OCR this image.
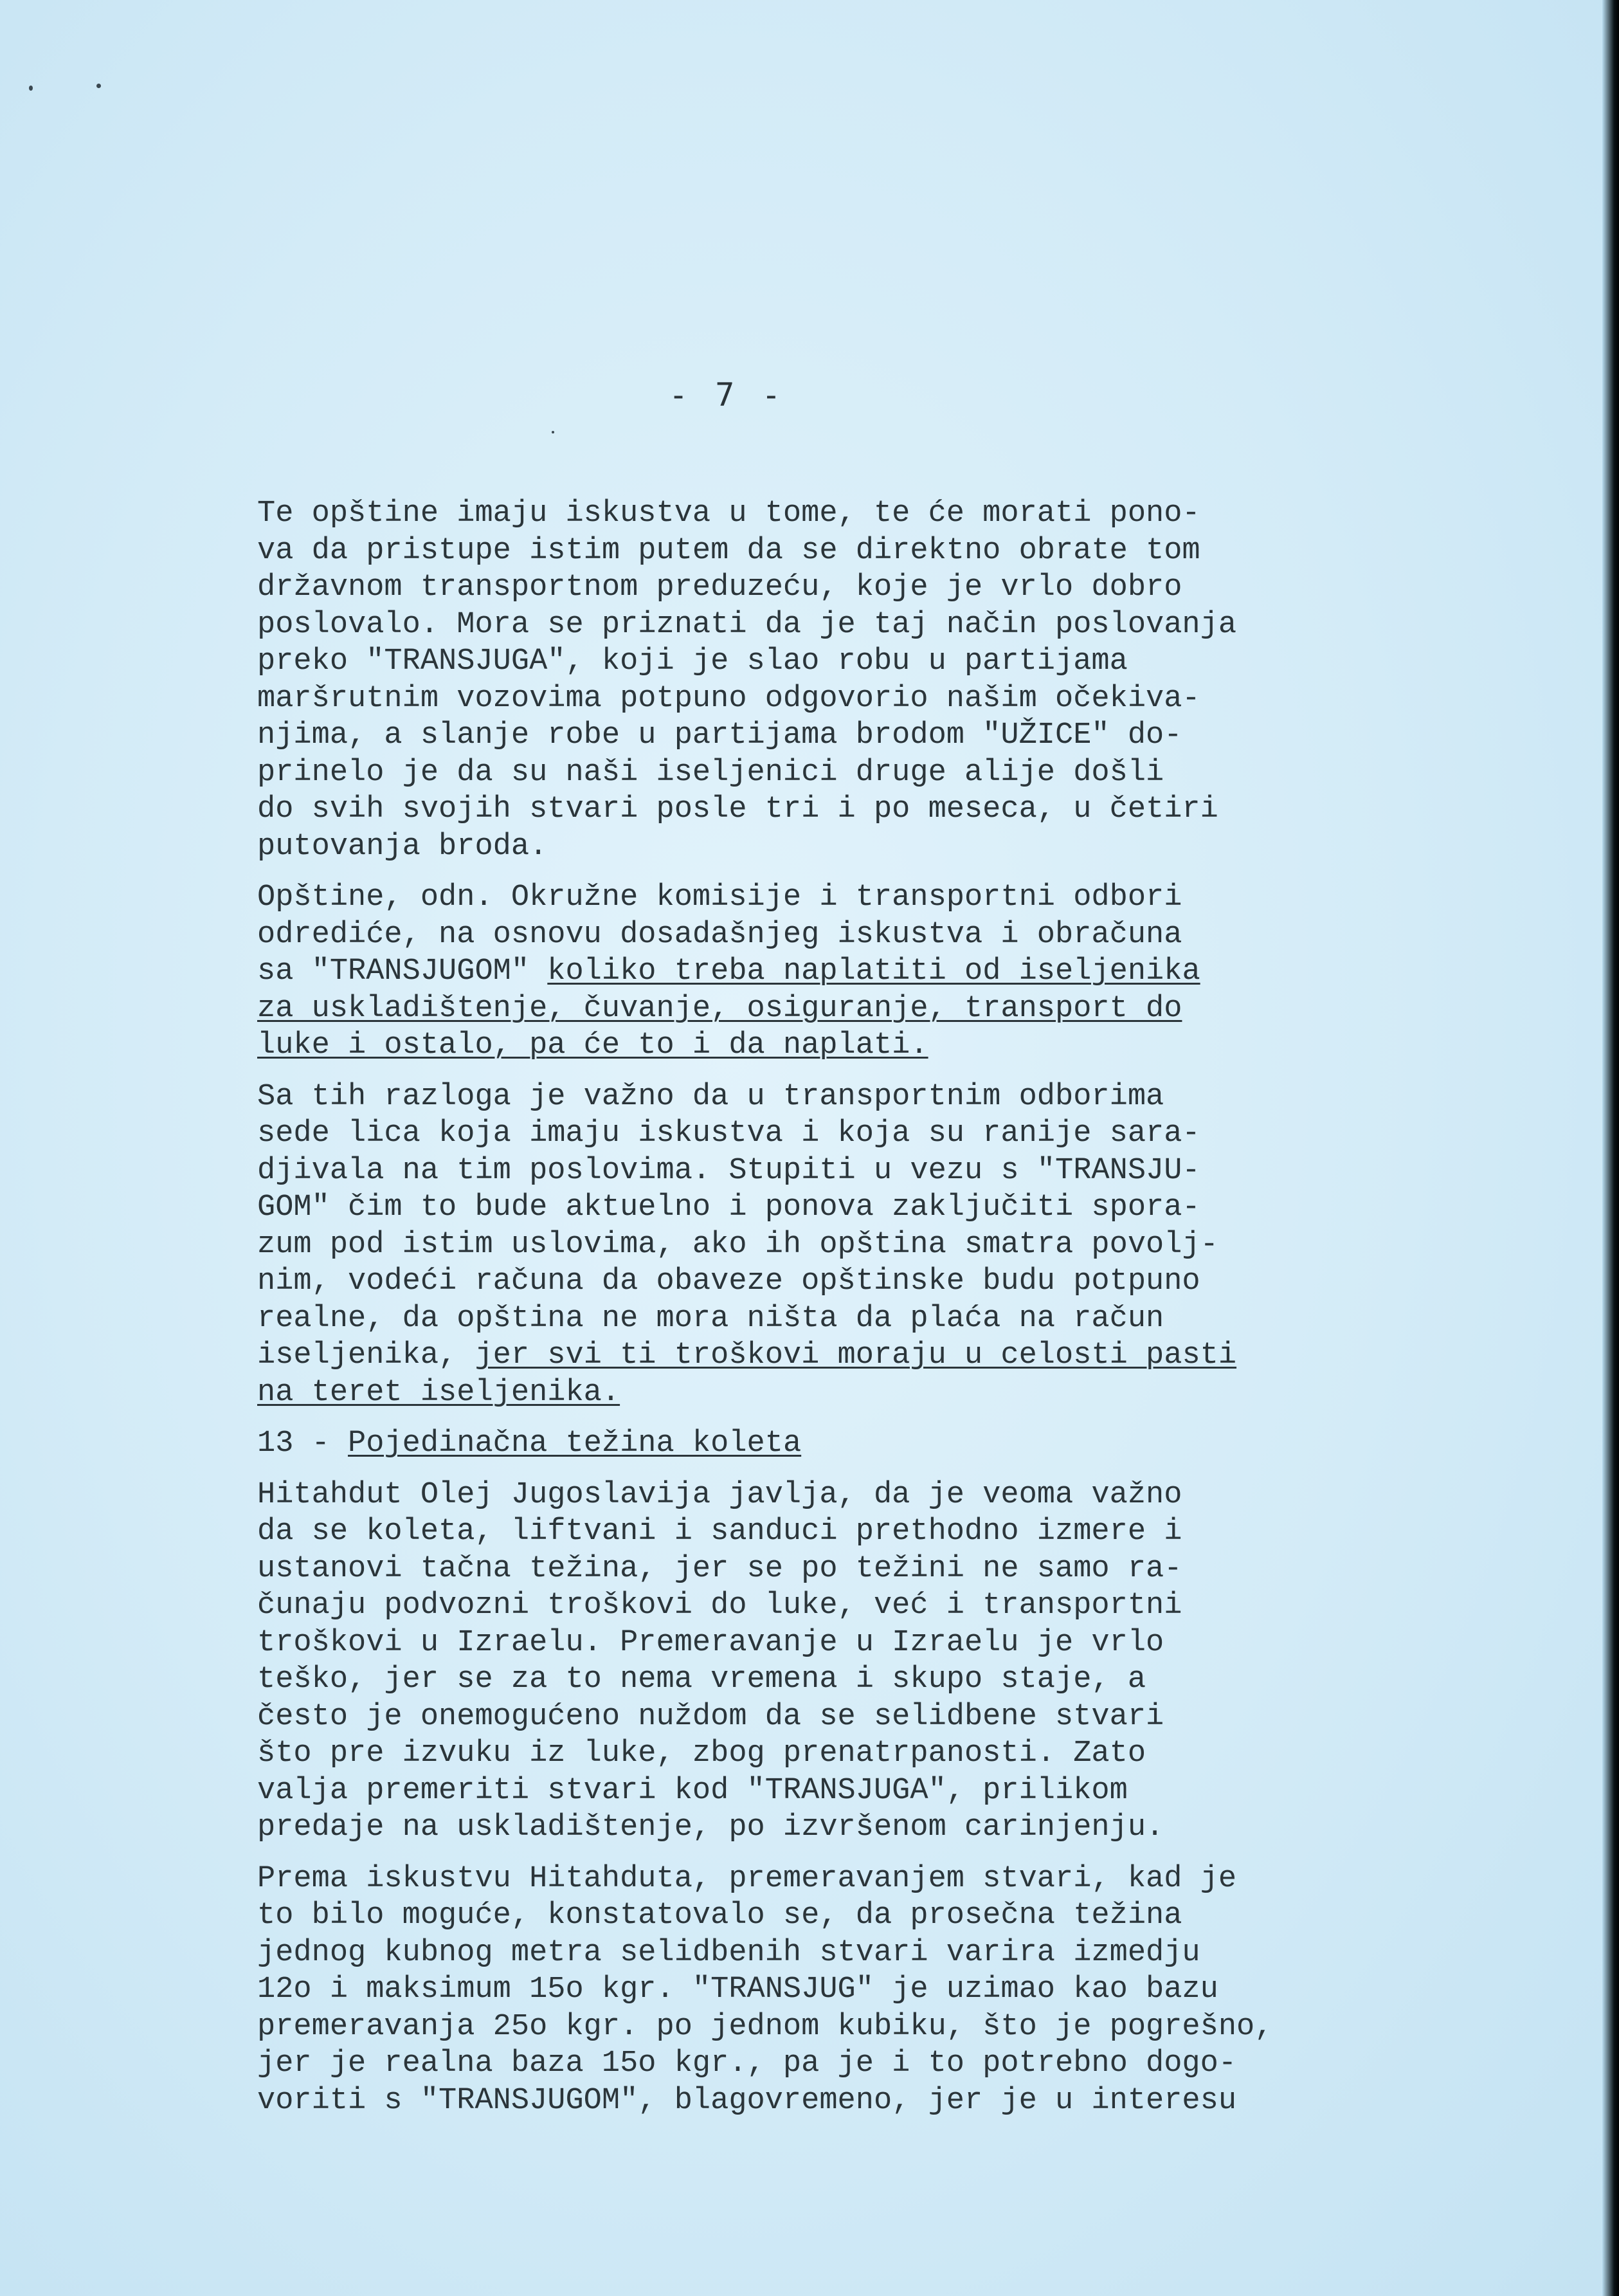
- 7 -
Te opštine imaju iskustva u tome, te će morati pono-
va da pristupe istim putem da se direktno obrate tom
državnom transportnom preduzeću, koje je vrlo dobro
poslovalo. Mora se priznati da je taj način poslovanja
preko "TRANSJUGA", koji je slao robu u partijama
maršrutnim vozovima potpuno odgovorio našim očekiva-
njima, a slanje robe u partijama brodom "UŽICE" do-
prinelo je da su naši iseljenici druge alije došli
do svih svojih stvari posle tri i po meseca, u četiri
putovanja broda.
Opštine, odn. Okružne komisije i transportni odbori
odrediće, na osnovu dosadašnjeg iskustva i obračuna
sa "TRANSJUGOM" koliko treba naplatiti od iseljenika
za uskladištenje, čuvanje, osiguranje, transport do
luke i ostalo, pa će to i da naplati.
Sa tih razloga je važno da u transportnim odborima
sede lica koja imaju iskustva i koja su ranije sara-
djivala na tim poslovima. Stupiti u vezu s "TRANSJU-
GOM" čim to bude aktuelno i ponova zaključiti spora-
zum pod istim uslovima, ako ih opština smatra povolj-
nim, vodeći računa da obaveze opštinske budu potpuno
realne, da opština ne mora ništa da plaća na račun
iseljenika, jer svi ti troškovi moraju u celosti pasti
na teret iseljenika.
13 - Pojedinačna težina koleta
Hitahdut Olej Jugoslavija javlja, da je veoma važno
da se koleta, liftvani i sanduci prethodno izmere i
ustanovi tačna težina, jer se po težini ne samo ra-
čunaju podvozni troškovi do luke, već i transportni
troškovi u Izraelu. Premeravanje u Izraelu je vrlo
teško, jer se za to nema vremena i skupo staje, a
često je onemogućeno nuždom da se selidbene stvari
što pre izvuku iz luke, zbog prenatrpanosti. Zato
valja premeriti stvari kod "TRANSJUGA", prilikom
predaje na uskladištenje, po izvršenom carinjenju.
Prema iskustvu Hitahduta, premeravanjem stvari, kad je
to bilo moguće, konstatovalo se, da prosečna težina
jednog kubnog metra selidbenih stvari varira izmedju
12o i maksimum 15o kgr. "TRANSJUG" je uzimao kao bazu
premeravanja 25o kgr. po jednom kubiku, što je pogrešno,
jer je realna baza 15o kgr., pa je i to potrebno dogo-
voriti s "TRANSJUGOM", blagovremeno, jer je u interesu
